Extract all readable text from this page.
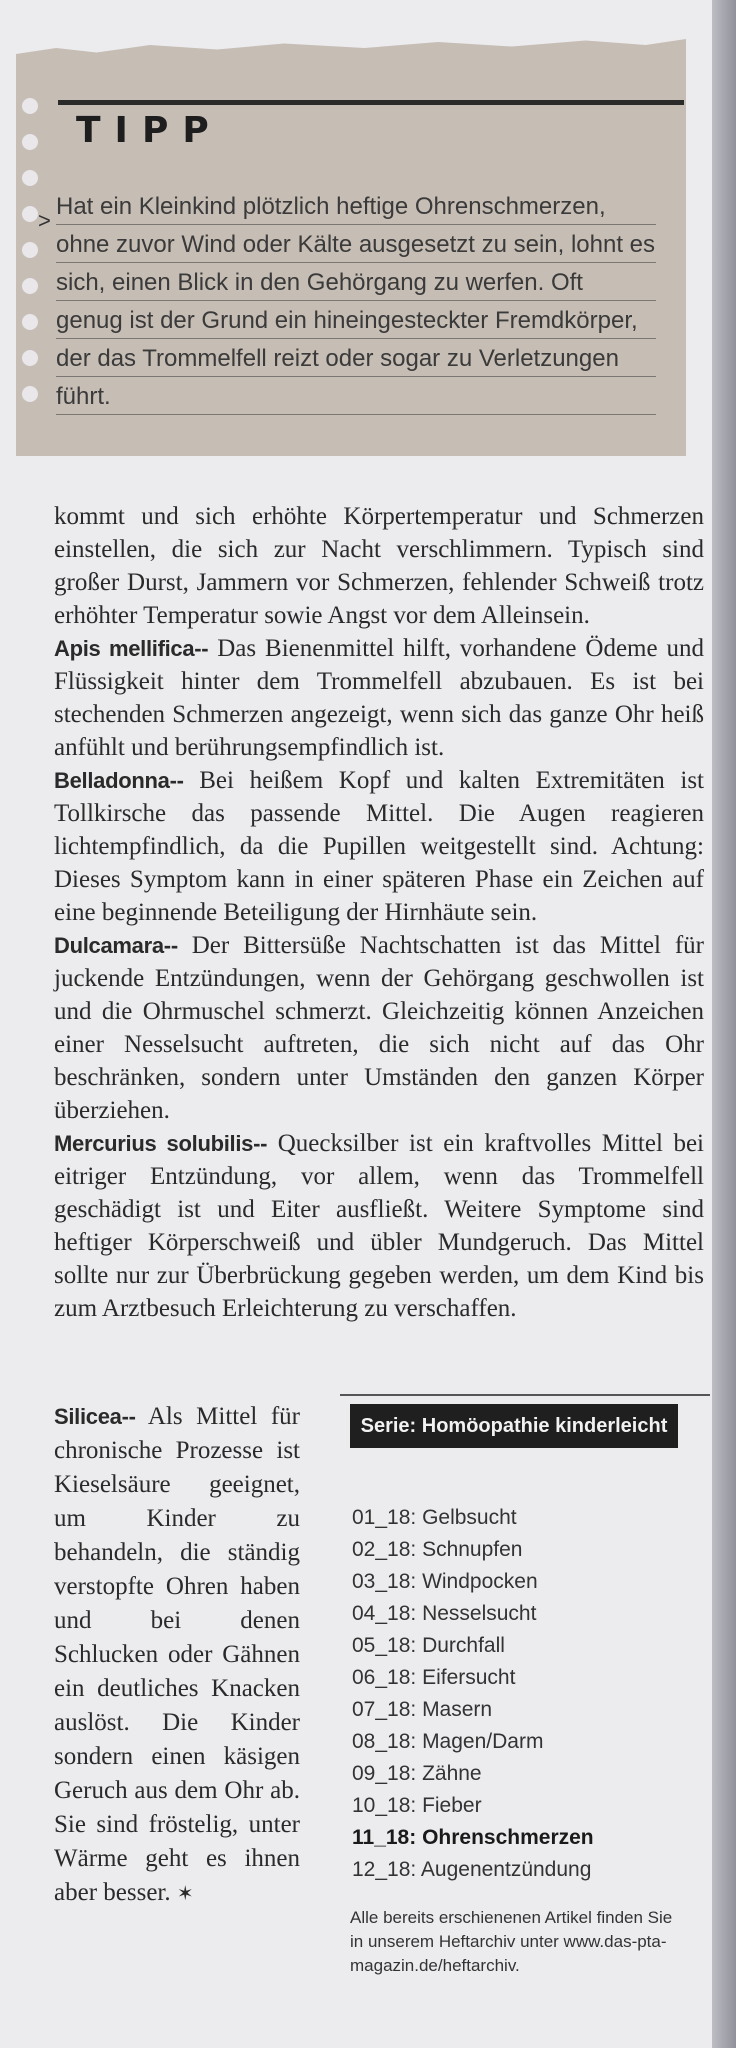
TIPP
>
Hat ein Kleinkind plötzlich heftige Ohrenschmerzen, ohne zuvor Wind oder Kälte ausgesetzt zu sein, lohnt es sich, einen Blick in den Gehörgang zu werfen. Oft genug ist der Grund ein hineingesteckter Fremdkörper, der das Trommelfell reizt oder sogar zu Verletzungen führt.

kommt und sich erhöhte Körpertemperatur und Schmerzen einstellen, die sich zur Nacht verschlimmern. Typisch sind großer Durst, Jammern vor Schmerzen, fehlender Schweiß trotz erhöhter Temperatur sowie Angst vor dem Alleinsein.

Apis mellifica-- Das Bienenmittel hilft, vorhandene Ödeme und Flüssigkeit hinter dem Trommelfell abzubauen. Es ist bei stechenden Schmerzen angezeigt, wenn sich das ganze Ohr heiß anfühlt und berührungsempfindlich ist.

Belladonna-- Bei heißem Kopf und kalten Extremitäten ist Tollkirsche das passende Mittel. Die Augen reagieren lichtempfindlich, da die Pupillen weitgestellt sind. Achtung: Dieses Symptom kann in einer späteren Phase ein Zeichen auf eine beginnende Beteiligung der Hirnhäute sein.

Dulcamara-- Der Bittersüße Nachtschatten ist das Mittel für juckende Entzündungen, wenn der Gehörgang geschwollen ist und die Ohrmuschel schmerzt. Gleichzeitig können Anzeichen einer Nesselsucht auftreten, die sich nicht auf das Ohr beschränken, sondern unter Umständen den ganzen Körper überziehen.

Mercurius solubilis-- Quecksilber ist ein kraftvolles Mittel bei eitriger Entzündung, vor allem, wenn das Trommelfell geschädigt ist und Eiter ausfließt. Weitere Symptome sind heftiger Körperschweiß und übler Mundgeruch. Das Mittel sollte nur zur Überbrückung gegeben werden, um dem Kind bis zum Arztbesuch Erleichterung zu verschaffen.

Silicea-- Als Mittel für chronische Prozesse ist Kieselsäure geeignet, um Kinder zu behandeln, die ständig verstopfte Ohren haben und bei denen Schlucken oder Gähnen ein deutliches Knacken auslöst. Die Kinder sondern einen käsigen Geruch aus dem Ohr ab. Sie sind fröstelig, unter Wärme geht es ihnen aber besser. ✶
Serie: Homöopathie kinderleicht
01_18: Gelbsucht
02_18: Schnupfen
03_18: Windpocken
04_18: Nesselsucht
05_18: Durchfall
06_18: Eifersucht
07_18: Masern
08_18: Magen/Darm
09_18: Zähne
10_18: Fieber
11_18: Ohrenschmerzen
12_18: Augenentzündung
Alle bereits erschienenen Artikel finden Sie in unserem Heftarchiv unter www.das-pta-magazin.de/heftarchiv.
